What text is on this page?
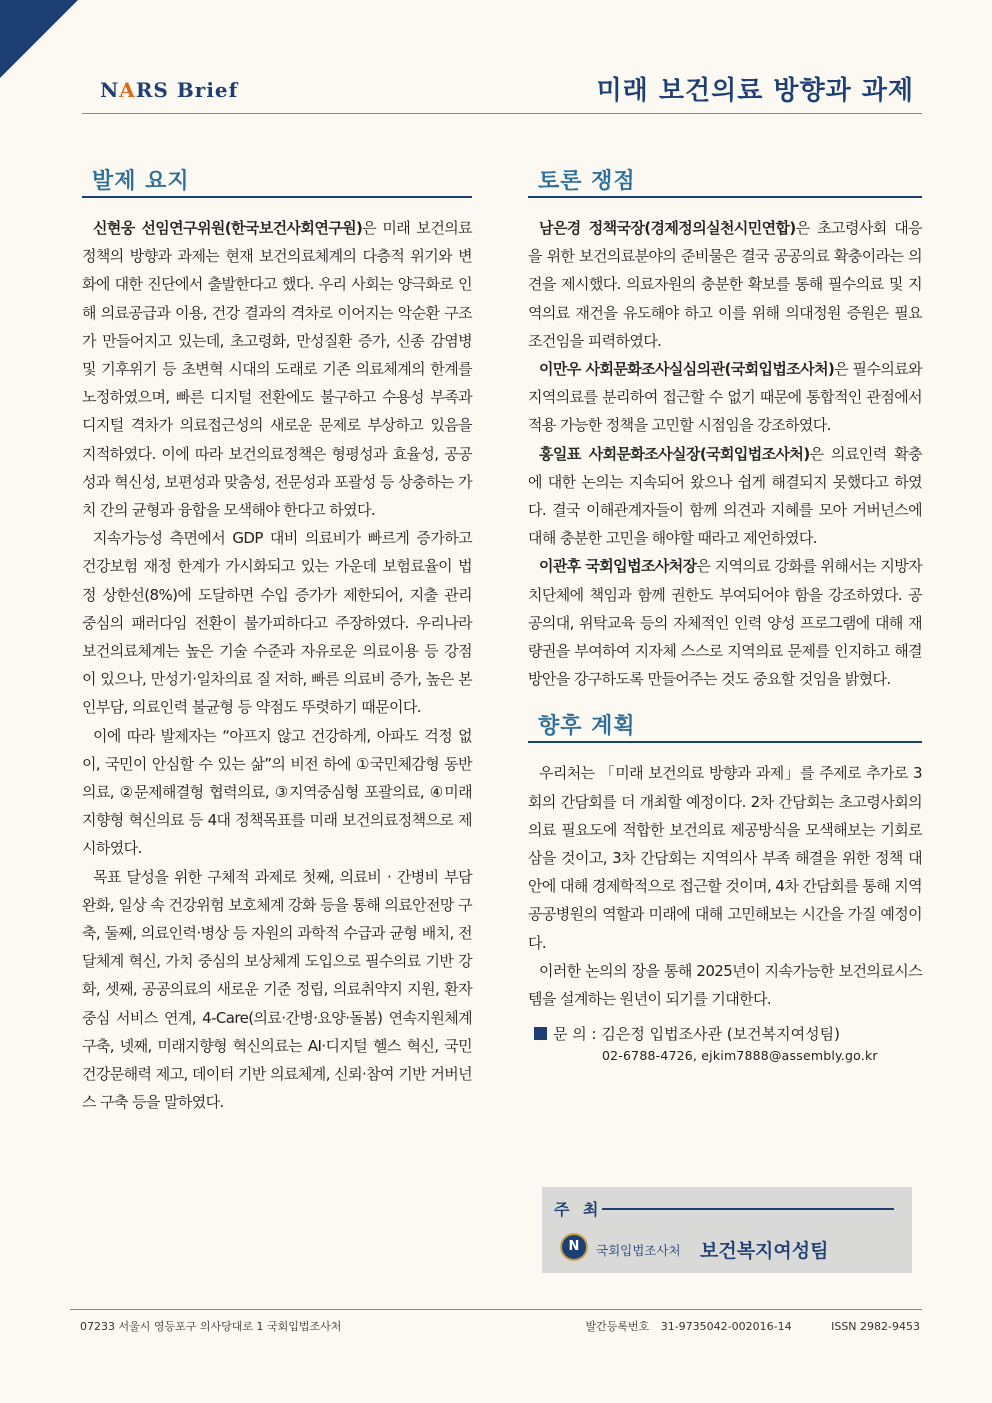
NARS Brief	미래 보건의료 방향과 과제
발제 요지

신현웅 선임연구위원(한국보건사회연구원)은 미래 보건의료정책의 방향과 과제는 현재 보건의료체계의 다층적 위기와 변화에 대한 진단에서 출발한다고 했다. 우리 사회는 양극화로 인해 의료공급과 이용, 건강 결과의 격차로 이어지는 악순환 구조가 만들어지고 있는데, 초고령화, 만성질환 증가, 신종 감염병 및 기후위기 등 초변혁 시대의 도래로 기존 의료체계의 한계를 노정하였으며, 빠른 디지털 전환에도 불구하고 수용성 부족과 디지털 격차가 의료접근성의 새로운 문제로 부상하고 있음을 지적하였다. 이에 따라 보건의료정책은 형평성과 효율성, 공공성과 혁신성, 보편성과 맞춤성, 전문성과 포괄성 등 상충하는 가치 간의 균형과 융합을 모색해야 한다고 하였다.

지속가능성 측면에서 GDP 대비 의료비가 빠르게 증가하고 건강보험 재정 한계가 가시화되고 있는 가운데 보험료율이 법정 상한선(8%)에 도달하면 수입 증가가 제한되어, 지출 관리 중심의 패러다임 전환이 불가피하다고 주장하였다. 우리나라 보건의료체계는 높은 기술 수준과 자유로운 의료이용 등 강점이 있으나, 만성기·일차의료 질 저하, 빠른 의료비 증가, 높은 본인부담, 의료인력 불균형 등 약점도 뚜렷하기 때문이다.

이에 따라 발제자는 “아프지 않고 건강하게, 아파도 걱정 없이, 국민이 안심할 수 있는 삶”의 비전 하에 ①국민체감형 동반의료, ②문제해결형 협력의료, ③지역중심형 포괄의료, ④미래지향형 혁신의료 등 4대 정책목표를 미래 보건의료정책으로 제시하였다.

목표 달성을 위한 구체적 과제로 첫째, 의료비 · 간병비 부담 완화, 일상 속 건강위험 보호체계 강화 등을 통해 의료안전망 구축, 둘째, 의료인력·병상 등 자원의 과학적 수급과 균형 배치, 전달체계 혁신, 가치 중심의 보상체계 도입으로 필수의료 기반 강화, 셋째, 공공의료의 새로운 기준 정립, 의료취약지 지원, 환자중심 서비스 연계, 4-Care(의료·간병·요양·돌봄) 연속지원체계 구축, 넷째, 미래지향형 혁신의료는 AI·디지털 헬스 혁신, 국민 건강문해력 제고, 데이터 기반 의료체계, 신뢰·참여 기반 거버넌스 구축 등을 말하였다.

토론 쟁점

남은경 정책국장(경제정의실천시민연합)은 초고령사회 대응을 위한 보건의료분야의 준비물은 결국 공공의료 확충이라는 의견을 제시했다. 의료자원의 충분한 확보를 통해 필수의료 및 지역의료 재건을 유도해야 하고 이를 위해 의대정원 증원은 필요조건임을 피력하였다.

이만우 사회문화조사실심의관(국회입법조사처)은 필수의료와 지역의료를 분리하여 접근할 수 없기 때문에 통합적인 관점에서 적용 가능한 정책을 고민할 시점임을 강조하였다.

홍일표 사회문화조사실장(국회입법조사처)은 의료인력 확충에 대한 논의는 지속되어 왔으나 쉽게 해결되지 못했다고 하였다. 결국 이해관계자들이 함께 의견과 지혜를 모아 거버넌스에 대해 충분한 고민을 해야할 때라고 제언하였다.

이관후 국회입법조사처장은 지역의료 강화를 위해서는 지방자치단체에 책임과 함께 권한도 부여되어야 함을 강조하였다. 공공의대, 위탁교육 등의 자체적인 인력 양성 프로그램에 대해 재량권을 부여하여 지자체 스스로 지역의료 문제를 인지하고 해결방안을 강구하도록 만들어주는 것도 중요할 것임을 밝혔다.

향후 계획

우리처는 「미래 보건의료 방향과 과제」를 주제로 추가로 3회의 간담회를 더 개최할 예정이다. 2차 간담회는 초고령사회의 의료 필요도에 적합한 보건의료 제공방식을 모색해보는 기회로 삼을 것이고, 3차 간담회는 지역의사 부족 해결을 위한 정책 대안에 대해 경제학적으로 접근할 것이며, 4차 간담회를 통해 지역 공공병원의 역할과 미래에 대해 고민해보는 시간을 가질 예정이다.

이러한 논의의 장을 통해 2025년이 지속가능한 보건의료시스템을 설계하는 원년이 되기를 기대한다.

문 의 : 김은정 입법조사관 (보건복지여성팀)
02-6788-4726, ejkim7888@assembly.go.kr
주 최
N	국회입법조사처 보건복지여성팀
07233 서울시 영등포구 의사당대로 1 국회입법조사처	발간등록번호 31-9735042-002016-14	ISSN 2982-9453
